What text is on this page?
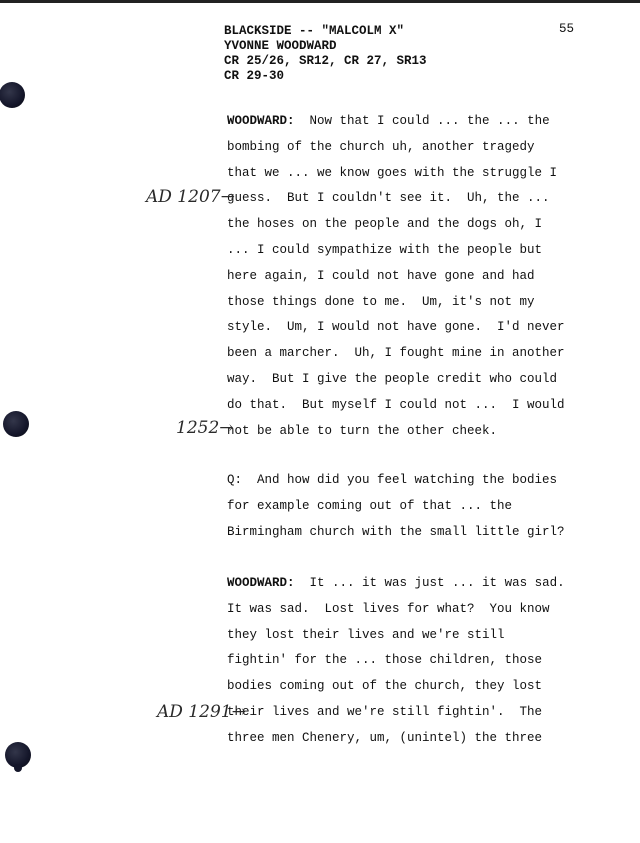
BLACKSIDE -- "MALCOLM X"
YVONNE WOODWARD
CR 25/26, SR12, CR 27, SR13
CR 29-30
55
WOODWARD: Now that I could ... the ... the
bombing of the church uh, another tragedy
that we ... we know goes with the struggle I
guess.  But I couldn't see it.  Uh, the ...
the hoses on the people and the dogs oh, I
... I could sympathize with the people but
here again, I could not have gone and had
those things done to me.  Um, it's not my
style.  Um, I would not have gone.  I'd never
been a marcher.  Uh, I fought mine in another
way.  But I give the people credit who could
do that.  But myself I could not ...  I would
not be able to turn the other cheek.
Q:  And how did you feel watching the bodies
for example coming out of that ... the
Birmingham church with the small little girl?
WOODWARD: It ... it was just ... it was sad.
It was sad.  Lost lives for what?  You know
they lost their lives and we're still
fightin' for the ... those children, those
bodies coming out of the church, they lost
their lives and we're still fightin'.  The
three men Chenery, um, (unintel) the three
AD 1207→
1252→
AD 1291→
